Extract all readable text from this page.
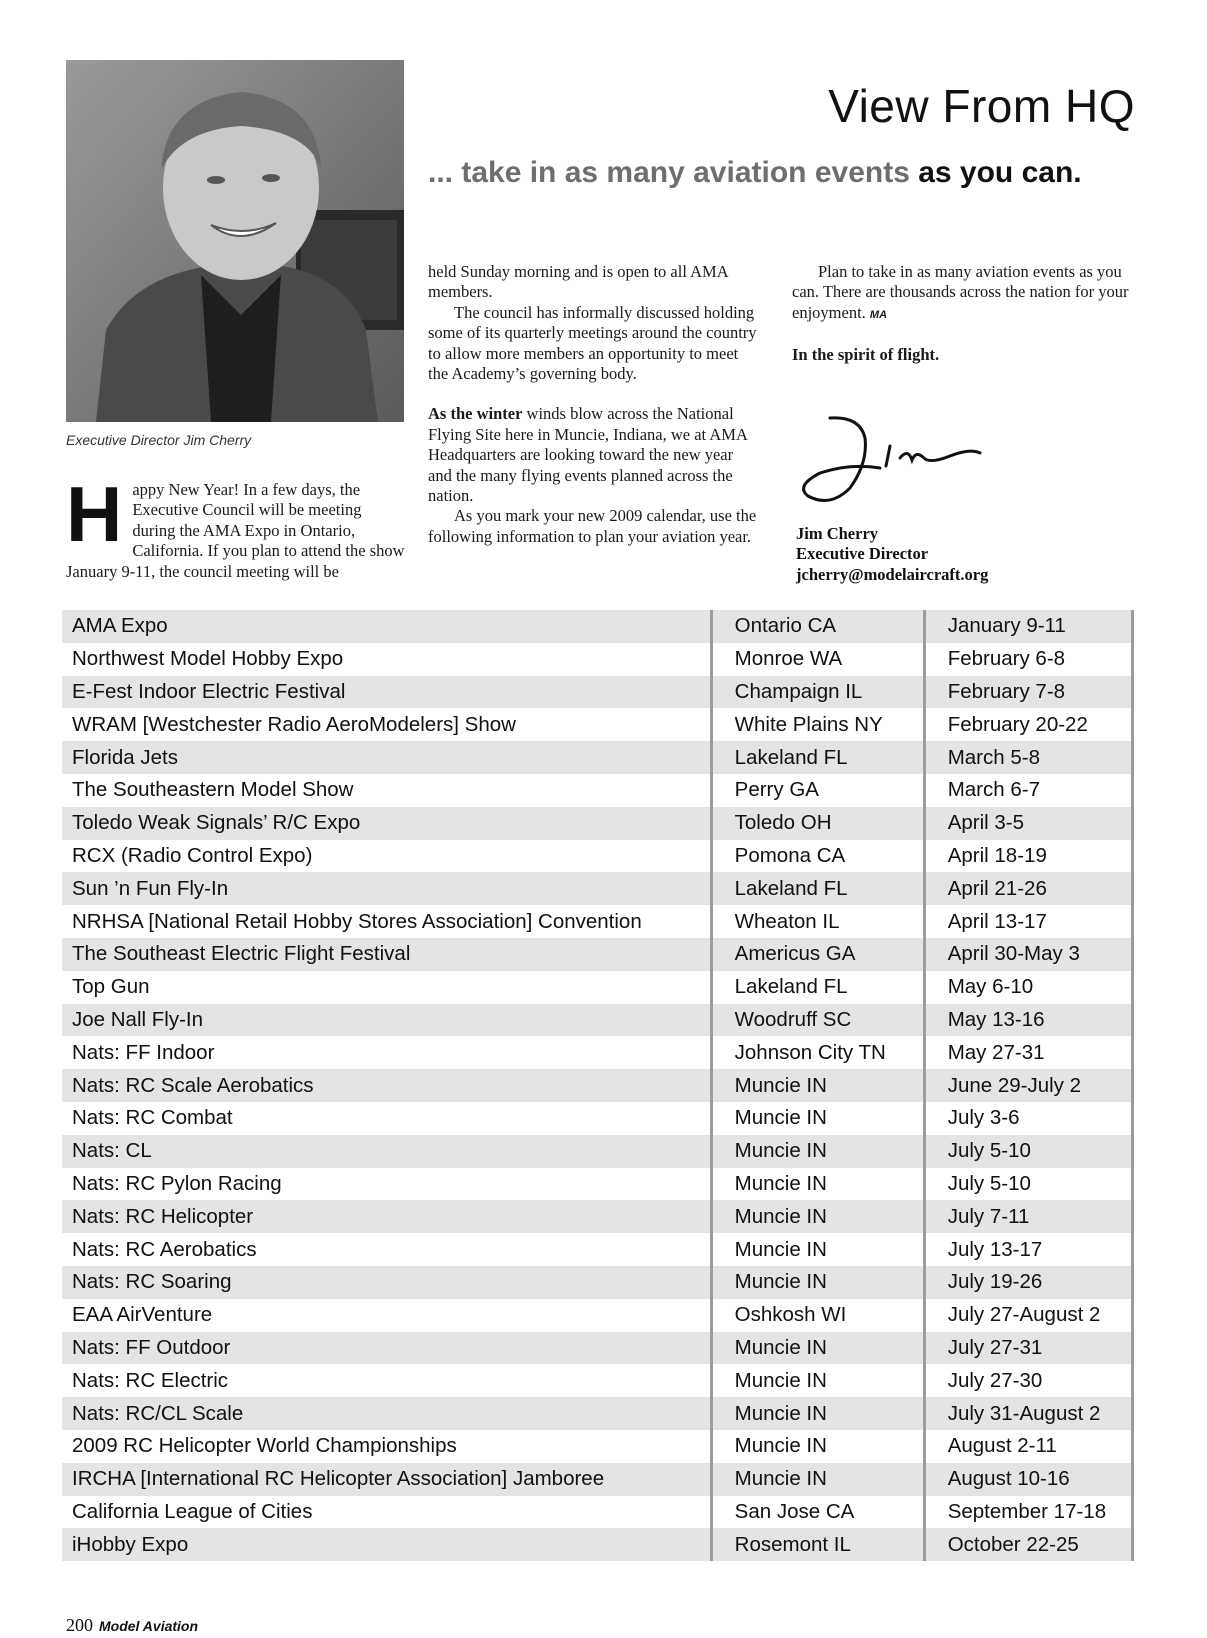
View From HQ
... take in as many aviation events as you can.
Executive Director Jim Cherry
H appy New Year! In a few days, the Executive Council will be meeting during the AMA Expo in Ontario, California. If you plan to attend the show January 9-11, the council meeting will be

held Sunday morning and is open to all AMA members.

The council has informally discussed holding some of its quarterly meetings around the country to allow more members an opportunity to meet the Academy’s governing body.

As the winter winds blow across the National Flying Site here in Muncie, Indiana, we at AMA Headquarters are looking toward the new year and the many flying events planned across the nation.

As you mark your new 2009 calendar, use the following information to plan your aviation year.

Plan to take in as many aviation events as you can. There are thousands across the nation for your enjoyment. MA

In the spirit of flight.

Jim Cherry
Executive Director
jcherry@modelaircraft.org
AMA Expo	Ontario CA	January 9-11
Northwest Model Hobby Expo	Monroe WA	February 6-8
E-Fest Indoor Electric Festival	Champaign IL	February 7-8
WRAM [Westchester Radio AeroModelers] Show	White Plains NY	February 20-22
Florida Jets	Lakeland FL	March 5-8
The Southeastern Model Show	Perry GA	March 6-7
Toledo Weak Signals’ R/C Expo	Toledo OH	April 3-5
RCX (Radio Control Expo)	Pomona CA	April 18-19
Sun ’n Fun Fly-In	Lakeland FL	April 21-26
NRHSA [National Retail Hobby Stores Association] Convention	Wheaton IL	April 13-17
The Southeast Electric Flight Festival	Americus GA	April 30-May 3
Top Gun	Lakeland FL	May 6-10
Joe Nall Fly-In	Woodruff SC	May 13-16
Nats: FF Indoor	Johnson City TN	May 27-31
Nats: RC Scale Aerobatics	Muncie IN	June 29-July 2
Nats: RC Combat	Muncie IN	July 3-6
Nats: CL	Muncie IN	July 5-10
Nats: RC Pylon Racing	Muncie IN	July 5-10
Nats: RC Helicopter	Muncie IN	July 7-11
Nats: RC Aerobatics	Muncie IN	July 13-17
Nats: RC Soaring	Muncie IN	July 19-26
EAA AirVenture	Oshkosh WI	July 27-August 2
Nats: FF Outdoor	Muncie IN	July 27-31
Nats: RC Electric	Muncie IN	July 27-30
Nats: RC/CL Scale	Muncie IN	July 31-August 2
2009 RC Helicopter World Championships	Muncie IN	August 2-11
IRCHA [International RC Helicopter Association] Jamboree	Muncie IN	August 10-16
California League of Cities	San Jose CA	September 17-18
iHobby Expo	Rosemont IL	October 22-25
200 Model Aviation
